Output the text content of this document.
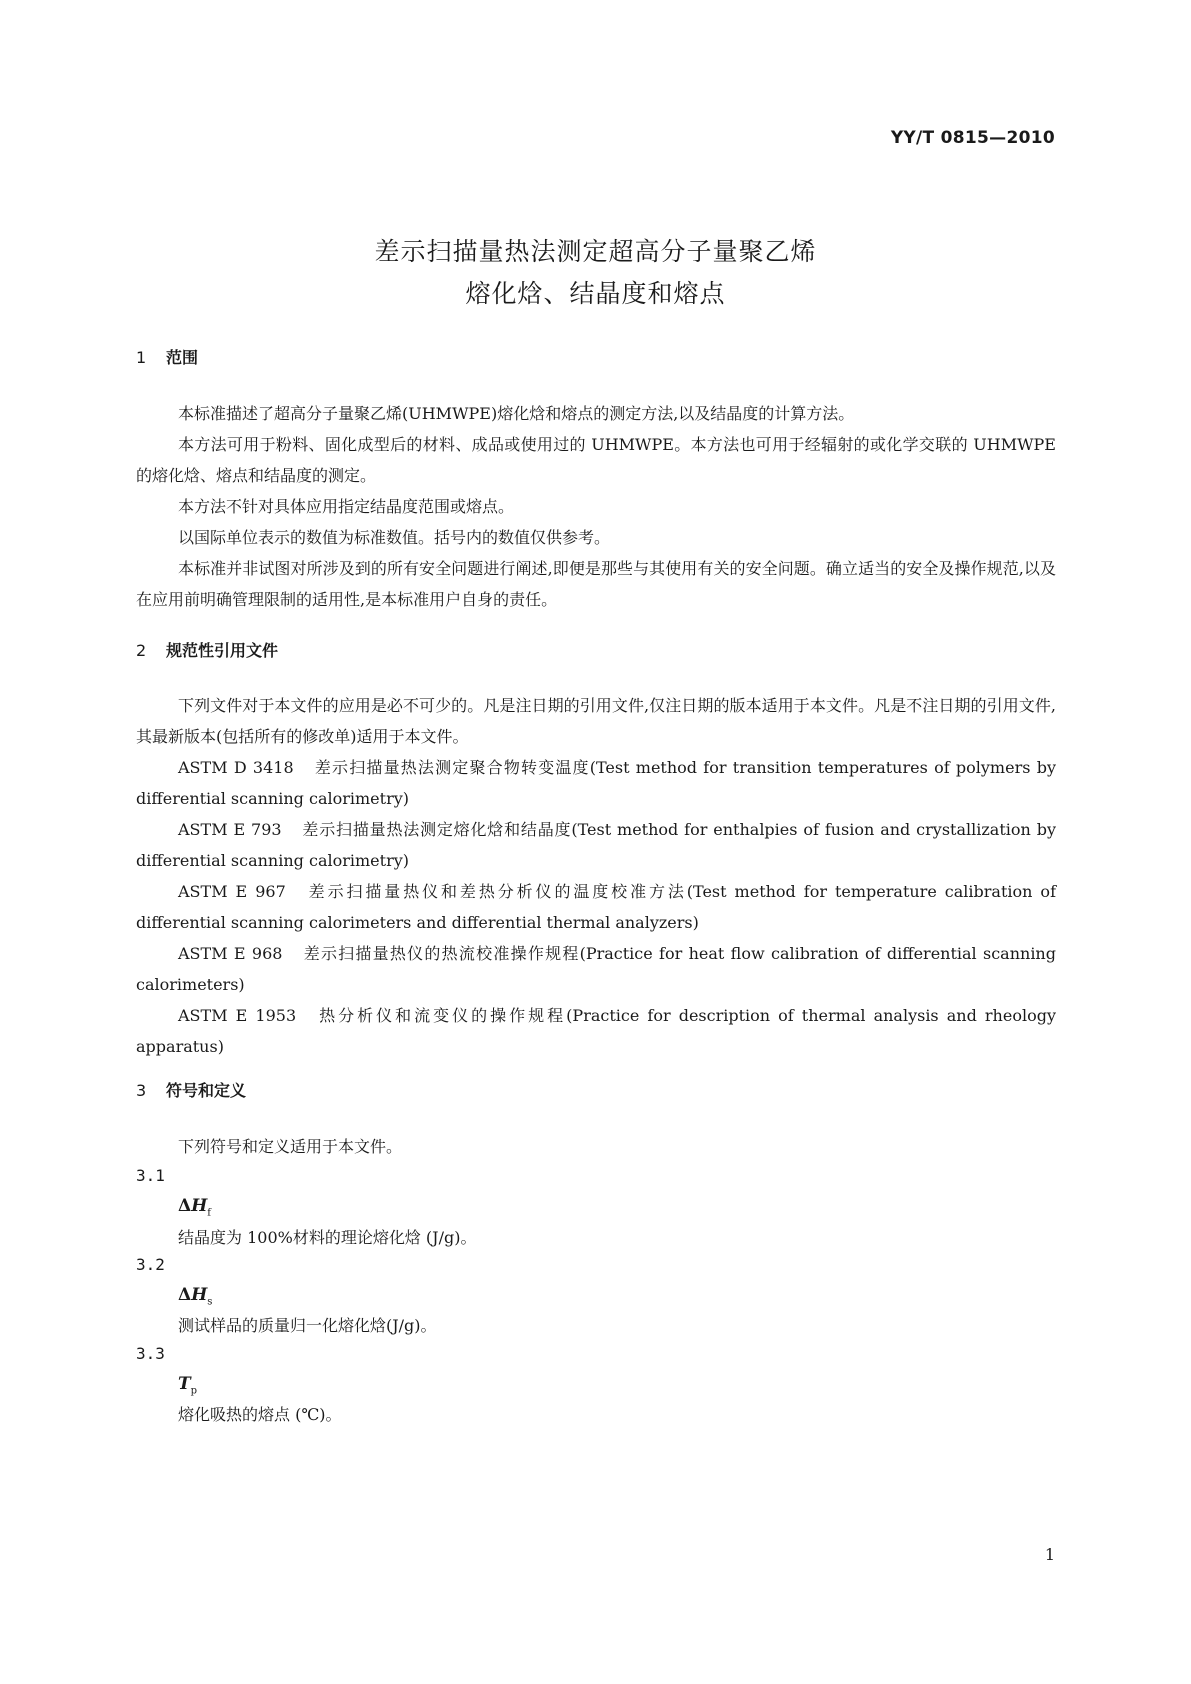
YY/T 0815—2010
差示扫描量热法测定超高分子量聚乙烯
熔化焓、结晶度和熔点
1 范围

本标准描述了超高分子量聚乙烯(UHMWPE)熔化焓和熔点的测定方法,以及结晶度的计算方法。

本方法可用于粉料、固化成型后的材料、成品或使用过的 UHMWPE。本方法也可用于经辐射的或化学交联的 UHMWPE 的熔化焓、熔点和结晶度的测定。

本方法不针对具体应用指定结晶度范围或熔点。

以国际单位表示的数值为标准数值。括号内的数值仅供参考。

本标准并非试图对所涉及到的所有安全问题进行阐述,即便是那些与其使用有关的安全问题。确立适当的安全及操作规范,以及在应用前明确管理限制的适用性,是本标准用户自身的责任。

2 规范性引用文件

下列文件对于本文件的应用是必不可少的。凡是注日期的引用文件,仅注日期的版本适用于本文件。凡是不注日期的引用文件,其最新版本(包括所有的修改单)适用于本文件。

ASTM D 3418 差示扫描量热法测定聚合物转变温度(Test method for transition temperatures of polymers by differential scanning calorimetry)

ASTM E 793 差示扫描量热法测定熔化焓和结晶度(Test method for enthalpies of fusion and crystallization by differential scanning calorimetry)

ASTM E 967 差示扫描量热仪和差热分析仪的温度校准方法(Test method for temperature calibration of differential scanning calorimeters and differential thermal analyzers)

ASTM E 968 差示扫描量热仪的热流校准操作规程(Practice for heat flow calibration of differential scanning calorimeters)

ASTM E 1953 热分析仪和流变仪的操作规程(Practice for description of thermal analysis and rheology apparatus)

3 符号和定义
下列符号和定义适用于本文件。
3.1
$\Delta H_f$
结晶度为 100%材料的理论熔化焓 (J/g)。
3.2
$\Delta H_s$
测试样品的质量归一化熔化焓(J/g)。
3.3
$T_p$
熔化吸热的熔点 (℃)。
1
